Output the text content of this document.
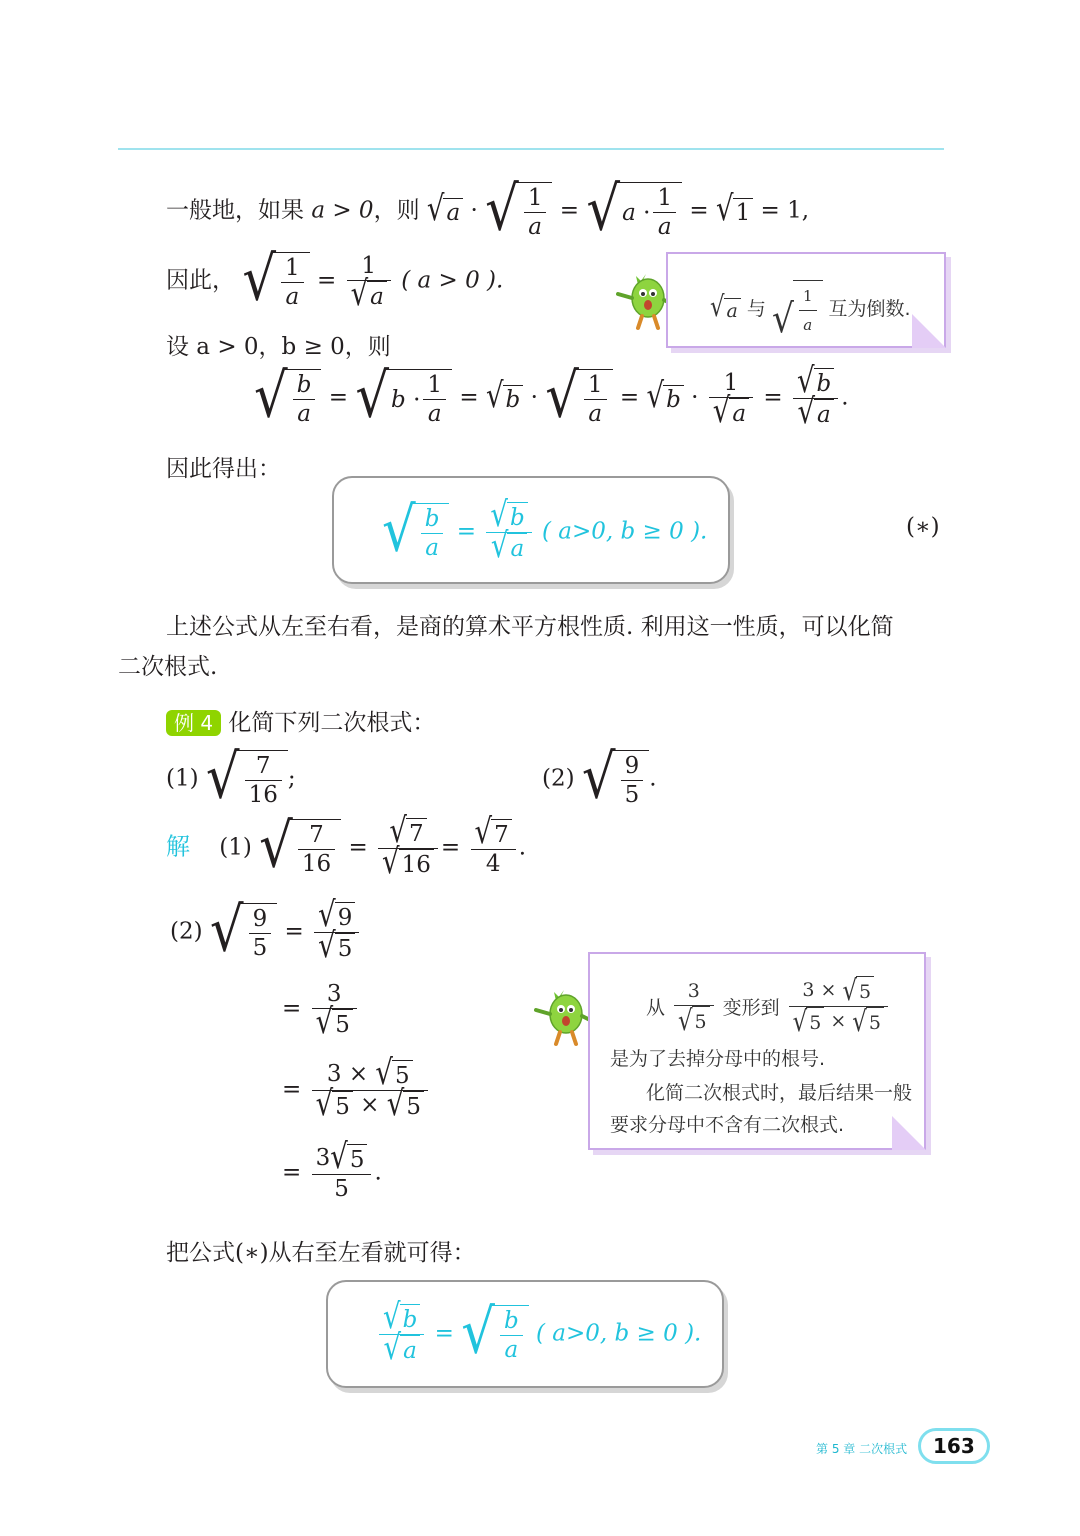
一般地，如果 a > 0，则 √ a · √ $\frac{1}{a}$ = √ $a \cdot \frac{1}{a}$ = √ 1 = 1,
因此， √ $\frac{1}{a} = \frac{1}{√ a}$ ( a > 0 ).
√ a 与 √ $\frac{1}{a}$ 互为倒数.
设 a > 0，b ≥ 0，则
√ $\frac{b}{a}$ = √ $b \cdot \frac{1}{a}$ = √ b · √ $\frac{1}{a}$ = √ $b \cdot \frac{1}{√ a} = \frac{√ b}{√ a}$ .
因此得出：
√ $\frac{b}{a} = \frac{√ b}{√ a}$ ( a>0, b ≥ 0 ).	(∗)
上述公式从左至右看，是商的算术平方根性质. 利用这一性质，可以化简
二次根式.
例 4 化简下列二次根式：
(1) √ $\frac{7}{16}$ ;	(2) √ $\frac{9}{5}$ .
解 (1) √ $\frac{7}{16} = \frac{√ 7}{√ 16} = \frac{√ 7}{4}$ .
(2) √ $\frac{9}{5} = \frac{√ 9}{√ 5}$
= $\frac{3}{√ 5}$
= $\frac{3 \times √ 5}{√ 5 \times √ 5}$
= $\frac{3 √ 5}{5}$ .
从 $\frac{3}{√ 5}$ 变形到 $\frac{3 \times √ 5}{√ 5 \times √ 5}$
是为了去掉分母中的根号.
化简二次根式时，最后结果一般
要求分母中不含有二次根式.
把公式(∗)从右至左看就可得：
$\frac{√ b}{√ a}$ = √ $\frac{b}{a}$ ( a>0, b ≥ 0 ).
第 5 章 二次根式	163
